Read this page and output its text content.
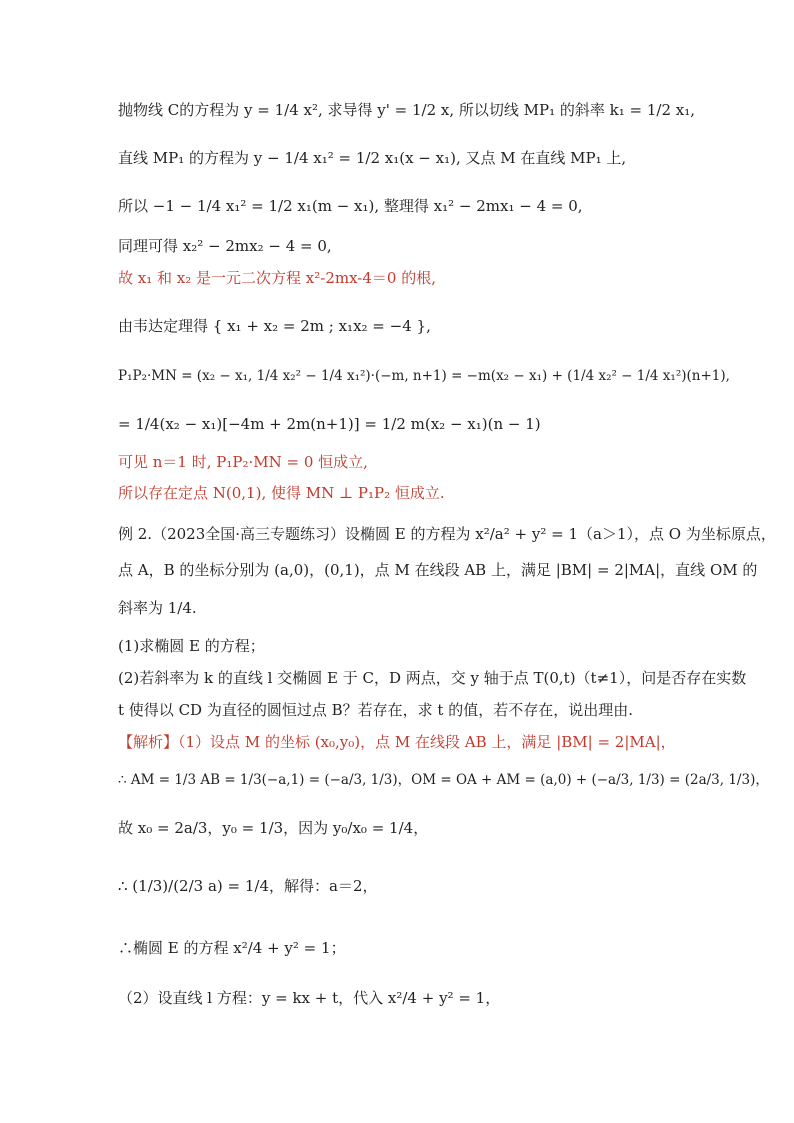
抛物线 C的方程为 y = 1/4 x², 求导得 y' = 1/2 x, 所以切线 MP₁ 的斜率 k₁ = 1/2 x₁,
直线 MP₁ 的方程为 y − 1/4 x₁² = 1/2 x₁(x − x₁), 又点 M 在直线 MP₁ 上,
所以 −1 − 1/4 x₁² = 1/2 x₁(m − x₁), 整理得 x₁² − 2mx₁ − 4 = 0,
同理可得 x₂² − 2mx₂ − 4 = 0,
故 x₁ 和 x₂ 是一元二次方程 x²-2mx-4＝0 的根,
由韦达定理得 { x₁ + x₂ = 2m ; x₁x₂ = −4 },
P₁P₂·MN = (x₂ − x₁, 1/4 x₂² − 1/4 x₁²)·(−m, n+1) = −m(x₂ − x₁) + (1/4 x₂² − 1/4 x₁²)(n+1),
= 1/4(x₂ − x₁)[−4m + 2m(n+1)] = 1/2 m(x₂ − x₁)(n − 1)
可见 n＝1 时, P₁P₂·MN = 0 恒成立,
所以存在定点 N(0,1), 使得 MN ⊥ P₁P₂ 恒成立.
例 2.（2023全国·高三专题练习）设椭圆 E 的方程为 x²/a² + y² = 1（a＞1），点 O 为坐标原点，
点 A，B 的坐标分别为 (a,0)，(0,1)，点 M 在线段 AB 上，满足 |BM| = 2|MA|，直线 OM 的
斜率为 1/4.
(1)求椭圆 E 的方程；
(2)若斜率为 k 的直线 l 交椭圆 E 于 C，D 两点，交 y 轴于点 T(0,t)（t≠1），问是否存在实数
t 使得以 CD 为直径的圆恒过点 B？若存在，求 t 的值，若不存在，说出理由.
【解析】（1）设点 M 的坐标 (x₀,y₀)，点 M 在线段 AB 上，满足 |BM| = 2|MA|，
∴ AM = 1/3 AB = 1/3(−a,1) = (−a/3, 1/3)，OM = OA + AM = (a,0) + (−a/3, 1/3) = (2a/3, 1/3)，
故 x₀ = 2a/3，y₀ = 1/3，因为 y₀/x₀ = 1/4，
∴ (1/3)/(2/3 a) = 1/4，解得：a＝2，
∴椭圆 E 的方程 x²/4 + y² = 1；
（2）设直线 l 方程：y = kx + t，代入 x²/4 + y² = 1，
